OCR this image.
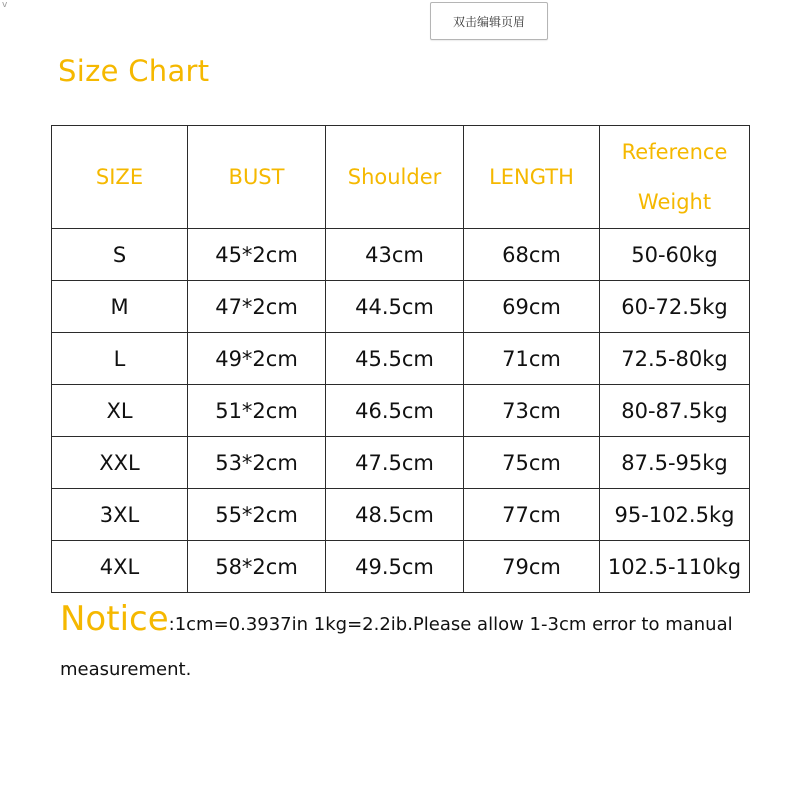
v
双击编辑页眉
Size Chart
SIZE	BUST	Shoulder	LENGTH	Reference Weight
S	45*2cm	43cm	68cm	50-60kg
M	47*2cm	44.5cm	69cm	60-72.5kg
L	49*2cm	45.5cm	71cm	72.5-80kg
XL	51*2cm	46.5cm	73cm	80-87.5kg
XXL	53*2cm	47.5cm	75cm	87.5-95kg
3XL	55*2cm	48.5cm	77cm	95-102.5kg
4XL	58*2cm	49.5cm	79cm	102.5-110kg
Notice:1cm=0.3937in 1kg=2.2ib.Please allow 1-3cm error to manual measurement.
